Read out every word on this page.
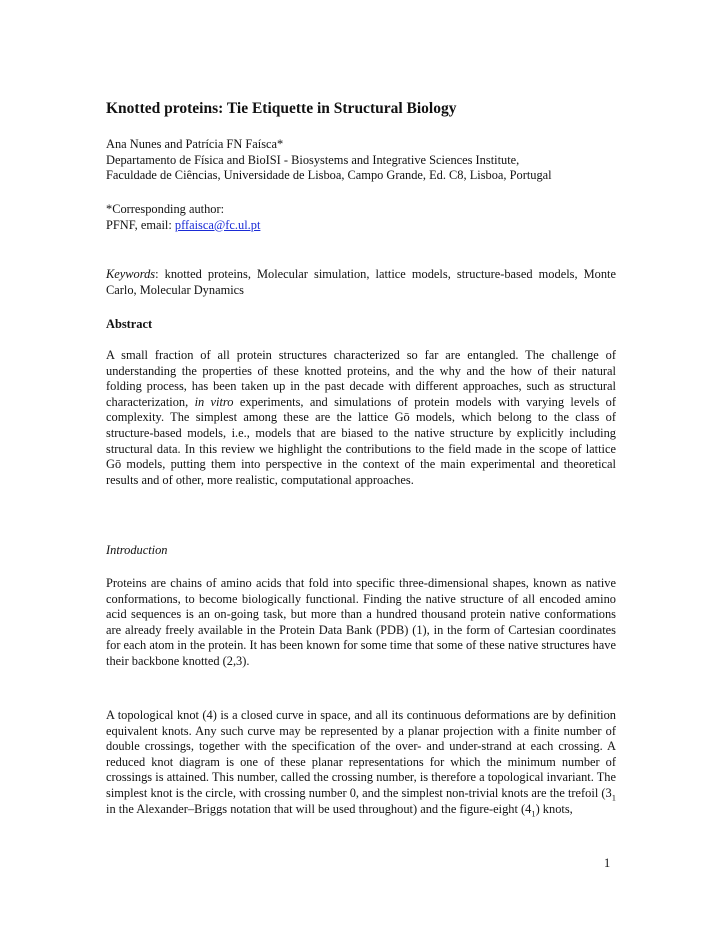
Knotted proteins: Tie Etiquette in Structural Biology
Ana Nunes and Patrícia FN Faísca*
Departamento de Física and BioISI - Biosystems and Integrative Sciences Institute,
Faculdade de Ciências, Universidade de Lisboa, Campo Grande, Ed. C8, Lisboa, Portugal
*Corresponding author:
PFNF, email: pffaisca@fc.ul.pt
Keywords: knotted proteins, Molecular simulation, lattice models, structure-based models, Monte Carlo, Molecular Dynamics
Abstract
A small fraction of all protein structures characterized so far are entangled. The challenge of understanding the properties of these knotted proteins, and the why and the how of their natural folding process, has been taken up in the past decade with different approaches, such as structural characterization, in vitro experiments, and simulations of protein models with varying levels of complexity. The simplest among these are the lattice Gō models, which belong to the class of structure-based models, i.e., models that are biased to the native structure by explicitly including structural data. In this review we highlight the contributions to the field made in the scope of lattice Gō models, putting them into perspective in the context of the main experimental and theoretical results and of other, more realistic, computational approaches.
Introduction
Proteins are chains of amino acids that fold into specific three-dimensional shapes, known as native conformations, to become biologically functional. Finding the native structure of all encoded amino acid sequences is an on-going task, but more than a hundred thousand protein native conformations are already freely available in the Protein Data Bank (PDB) (1), in the form of Cartesian coordinates for each atom in the protein. It has been known for some time that some of these native structures have their backbone knotted (2,3).
A topological knot (4) is a closed curve in space, and all its continuous deformations are by definition equivalent knots. Any such curve may be represented by a planar projection with a finite number of double crossings, together with the specification of the over- and under-strand at each crossing. A reduced knot diagram is one of these planar representations for which the minimum number of crossings is attained. This number, called the crossing number, is therefore a topological invariant. The simplest knot is the circle, with crossing number 0, and the simplest non-trivial knots are the trefoil ($3_1$ in the Alexander–Briggs notation that will be used throughout) and the figure-eight $(4_1)$ knots,
1
